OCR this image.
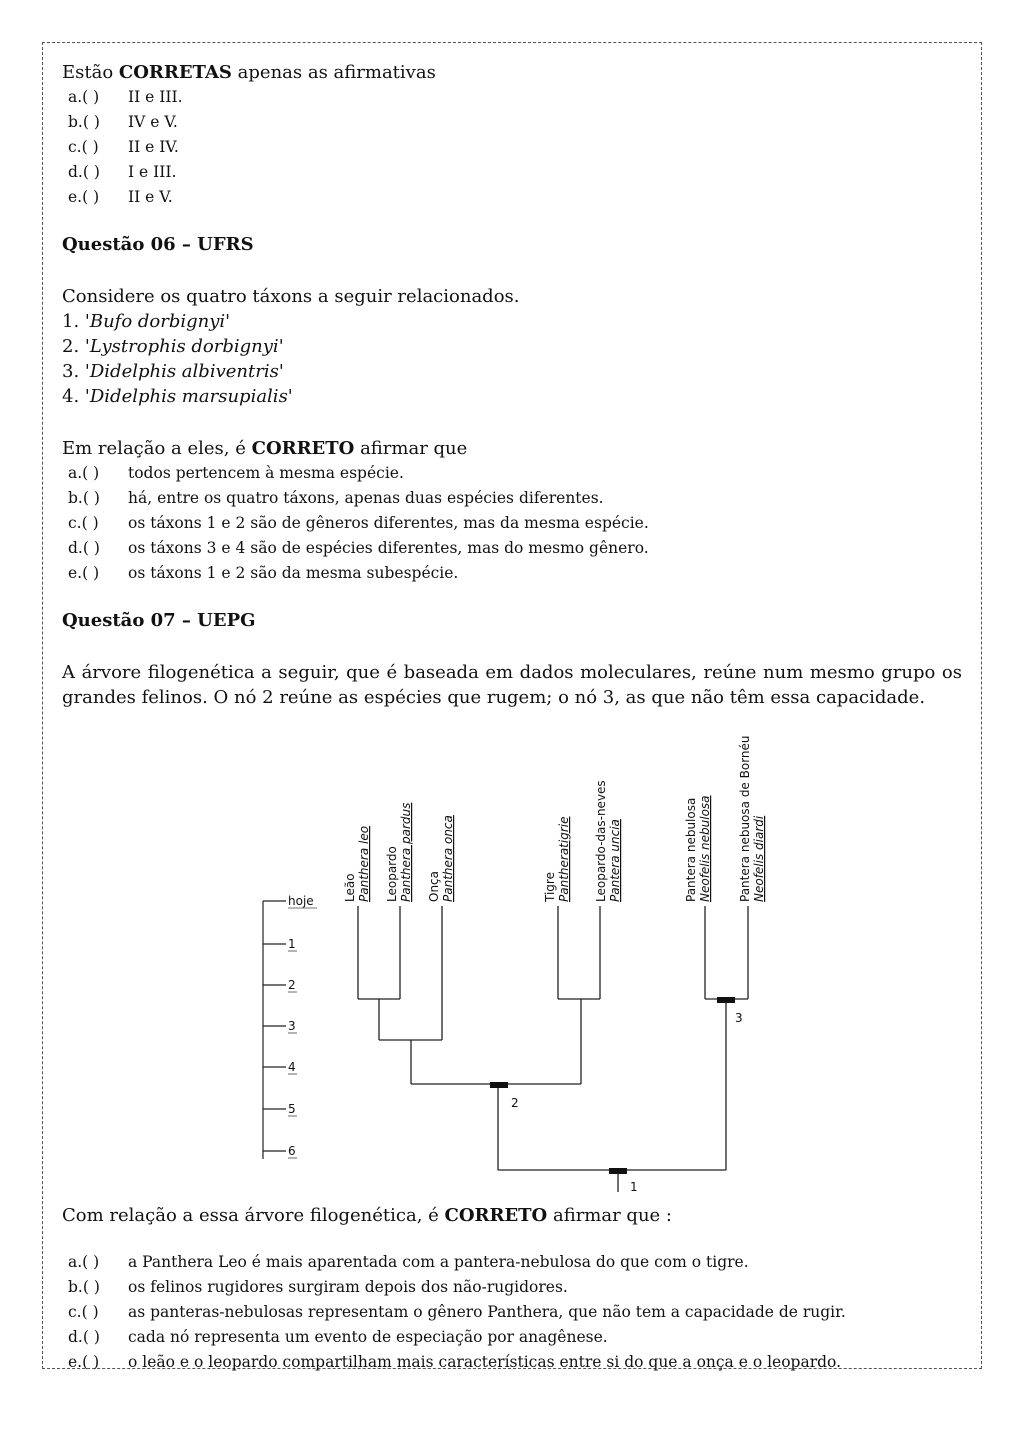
Estão CORRETAS apenas as afirmativas

a.( )	II e III.

b.( )	IV e V.

c.( )	II e IV.

d.( )	I e III.

e.( )	II e V.

Questão 06 – UFRS

Considere os quatro táxons a seguir relacionados.

1. 'Bufo dorbignyi'

2. 'Lystrophis dorbignyi'

3. 'Didelphis albiventris'

4. 'Didelphis marsupialis'

Em relação a eles, é CORRETO afirmar que

a.( )	todos pertencem à mesma espécie.

b.( )	há, entre os quatro táxons, apenas duas espécies diferentes.

c.( )	os táxons 1 e 2 são de gêneros diferentes, mas da mesma espécie.

d.( )	os táxons 3 e 4 são de espécies diferentes, mas do mesmo gênero.

e.( )	os táxons 1 e 2 são da mesma subespécie.

Questão 07 – UEPG

A árvore filogenética a seguir, que é baseada em dados moleculares, reúne num mesmo grupo os grandes felinos. O nó 2 reúne as espécies que rugem; o nó 3, as que não têm essa capacidade.

hoje
1
2
3
4
5
6
2
3
1
Leão Panthera leo Leopardo Panthera pardus Onça Panthera onca	Tigre Pantheratigrie Leopardo-das-neves Pantera uncia	Pantera nebulosa Neofelis nebulosa Pantera nebuosa de Bornéu Neofelis diardi

Com relação a essa árvore filogenética, é CORRETO afirmar que :

a.( )	a Panthera Leo é mais aparentada com a pantera-nebulosa do que com o tigre.

b.( )	os felinos rugidores surgiram depois dos não-rugidores.

c.( )	as panteras-nebulosas representam o gênero Panthera, que não tem a capacidade de rugir.

d.( )	cada nó representa um evento de especiação por anagênese.

e.( )	o leão e o leopardo compartilham mais características entre si do que a onça e o leopardo.
